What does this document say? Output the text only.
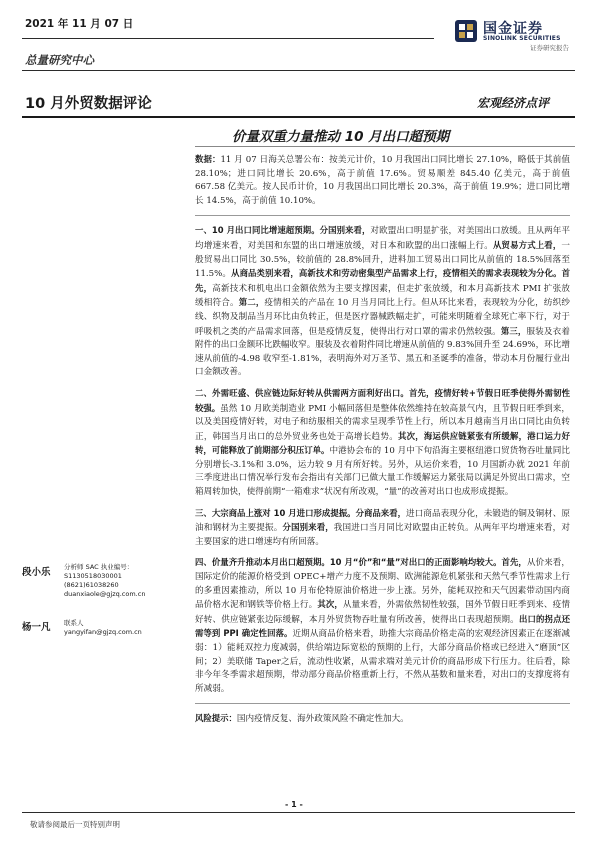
2021 年 11 月 07 日
总量研究中心
国金证券
SINOLINK SECURITIES
证券研究报告
10 月外贸数据评论	宏观经济点评
价量双重力量推动 10 月出口超预期
段小乐 分析师 SAC 执业编号：S1130518030001
(8621)61038260
duanxiaole@gjzq.com.cn
杨一凡 联系人
yangyifan@gjzq.com.cn

数据：11 月 07 日海关总署公布：按美元计价，10 月我国出口同比增长 27.10%，略低于其前值 28.10%；进口同比增长 20.6%，高于前值 17.6%。贸易顺差 845.40 亿美元，高于前值 667.58 亿美元。按人民币计价，10 月我国出口同比增长 20.3%，高于前值 19.9%；进口同比增长 14.5%，高于前值 10.10%。

一、10 月出口同比增速超预期。分国别来看，对欧盟出口明显扩张，对美国出口放缓。且从两年平均增速来看，对美国和东盟的出口增速放缓，对日本和欧盟的出口涨幅上行。从贸易方式上看，一般贸易出口同比 30.5%，较前值的 28.8%回升，进料加工贸易出口同比从前值的 18.5%回落至 11.5%。从商品类别来看，高新技术和劳动密集型产品需求上行，疫情相关的需求表现较为分化。首先，高新技术和机电出口金额依然为主要支撑因素，但走扩张放缓，和本月高新技术 PMI 扩张放缓相符合。第二，疫情相关的产品在 10 月当月同比上行。但从环比来看，表现较为分化，纺织纱线、织物及制品当月环比由负转正，但是医疗器械跌幅走扩，可能来明随着全球死亡率下行，对于呼吸机之类的产品需求回落，但是疫情反复，使得出行对口罩的需求仍然较强。第三，服装及衣着附件的出口金额环比跌幅收窄。服装及衣着附件同比增速从前值的 9.83%回升至 24.69%，环比增速从前值的-4.98 收窄至-1.81%，表明海外对万圣节、黑五和圣诞季的准备，带动本月份履行业出口金额改善。

二、外需旺盛、供应链边际好转从供需两方面利好出口。首先，疫情好转+节假日旺季使得外需韧性较强。虽然 10 月欧美制造业 PMI 小幅回落但是整体依然维持在较高景气内，且节假日旺季到来，以及美国疫情好转，对电子和纺服相关的需求呈现季节性上行，所以本月越南当月出口同比由负转正，韩国当月出口的总外贸业务也处于高增长趋势。其次，海运供应链紧张有所缓解，港口运力好转，可能释放了前期部分积压订单。中港协会布的 10 月中下旬沿海主要枢纽港口贸货物吞吐量同比分别增长-3.1%和 3.0%，运力较 9 月有所好转。另外，从运价来看，10 月国新办就 2021 年前三季度进出口情况举行发布会指出有关部门已做大量工作缓解运力紧张局以满足外贸出口需求，空箱周转加快，使得前期“一箱难求”状况有所改观，“量”的改善对出口也成形成提振。

三、大宗商品上涨对 10 月进口形成提振。分商品来看，进口商品表现分化，未锻造的铜及铜材、原油和钢材为主要提振。分国别来看，我国进口当月同比对欧盟由正转负。从两年平均增速来看，对主要国家的进口增速均有所回落。

四、价量齐升推动本月出口超预期。10 月“价”和“量”对出口的正面影响均较大。首先，从价来看，国际定价的能源价格受到 OPEC+增产力度不及预期、欧洲能源危机紧张和天然气季节性需求上行的多重因素推动，所以 10 月布伦特原油价格进一步上涨。另外，能耗双控和天气因素带动国内商品价格水泥和钢铁等价格上行。其次，从量来看，外需依然韧性较强，国外节假日旺季到来、疫情好转、供应链紧张边际缓解，本月外贸货物吞吐量有所改善，使得出口表现超预期。出口的拐点还需等到 PPI 确定性回落。近期从商品价格来看，助推大宗商品价格走高的宏观经济因素正在逐渐减弱：1）能耗双控力度减弱，供给端边际宽松的预期的上行，大部分商品价格或已经进入“磨顶”区间；2）美联储 Taper之后，流动性收紧，从需求端对美元计价的商品形成下行压力。往后看，除非今年冬季需求超预期，带动部分商品价格重新上行，不然从基数和量来看，对出口的支撑度将有所减弱。

风险提示：国内疫情反复、海外政策风险不确定性加大。

- 1 -
敬请参阅最后一页特别声明
